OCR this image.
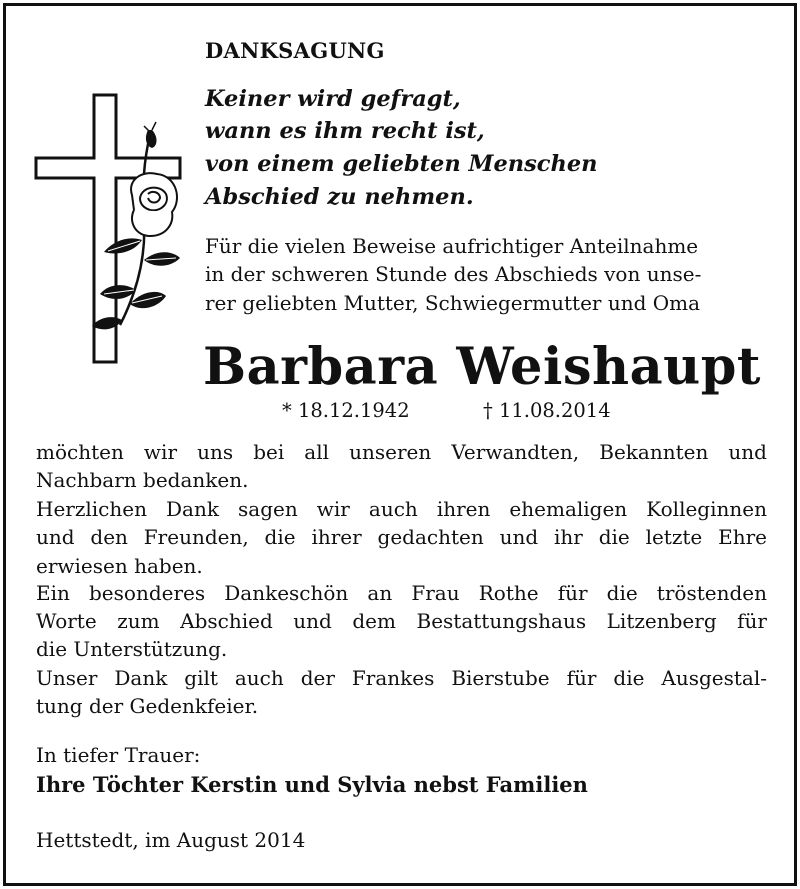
DANKSAGUNG
Keiner wird gefragt,
wann es ihm recht ist,
von einem geliebten Menschen
Abschied zu nehmen.
Für die vielen Beweise aufrichtiger Anteilnahme
in der schweren Stunde des Abschieds von unse-
rer geliebten Mutter, Schwiegermutter und Oma
Barbara Weishaupt
* 18.12.1942	† 11.08.2014
möchten wir uns bei all unseren Verwandten, Bekannten und
Nachbarn bedanken.
Herzlichen Dank sagen wir auch ihren ehemaligen Kolleginnen
und den Freunden, die ihrer gedachten und ihr die letzte Ehre
erwiesen haben.
Ein besonderes Dankeschön an Frau Rothe für die tröstenden
Worte zum Abschied und dem Bestattungshaus Litzenberg für
die Unterstützung.
Unser Dank gilt auch der Frankes Bierstube für die Ausgestal-
tung der Gedenkfeier.
In tiefer Trauer:
Ihre Töchter Kerstin und Sylvia nebst Familien
Hettstedt, im August 2014
